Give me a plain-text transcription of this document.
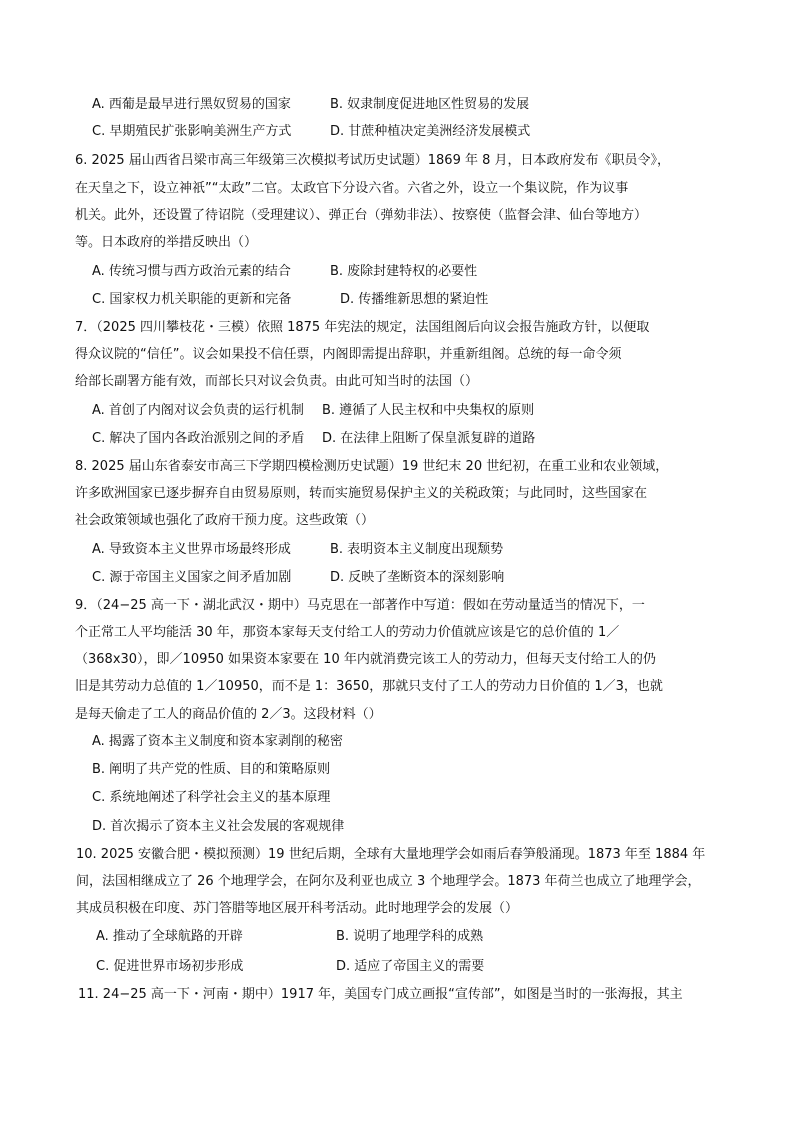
A. 西葡是最早进行黑奴贸易的国家	B. 奴隶制度促进地区性贸易的发展
C. 早期殖民扩张影响美洲生产方式	D. 甘蔗种植决定美洲经济发展模式
6. 2025 届山西省吕梁市高三年级第三次模拟考试历史试题）1869 年 8 月，日本政府发布《职员令》，
在天皇之下，设立神祇”“太政”二官。太政官下分设六省。六省之外，设立一个集议院，作为议事
机关。此外，还设置了待诏院（受理建议）、弹正台（弹劾非法）、按察使（监督会津、仙台等地方）
等。日本政府的举措反映出（）
A. 传统习惯与西方政治元素的结合	B. 废除封建特权的必要性
C. 国家权力机关职能的更新和完备	D. 传播维新思想的紧迫性
7．（2025 四川攀枝花・三模）依照 1875 年宪法的规定，法国组阁后向议会报告施政方针，以便取
得众议院的“信任”。议会如果投不信任票，内阁即需提出辞职，并重新组阁。总统的每一命令须
给部长副署方能有效，而部长只对议会负责。由此可知当时的法国（）
A. 首创了内阁对议会负责的运行机制 B. 遵循了人民主权和中央集权的原则
C. 解决了国内各政治派别之间的矛盾 D. 在法律上阻断了保皇派复辟的道路
8. 2025 届山东省泰安市高三下学期四模检测历史试题）19 世纪末 20 世纪初，在重工业和农业领域，
许多欧洲国家已逐步摒弃自由贸易原则，转而实施贸易保护主义的关税政策；与此同时，这些国家在
社会政策领域也强化了政府干预力度。这些政策（）
A. 导致资本主义世界市场最终形成	B. 表明资本主义制度出现颓势
C. 源于帝国主义国家之间矛盾加剧	D. 反映了垄断资本的深刻影响
9．（24−25 高一下・湖北武汉・期中）马克思在一部著作中写道：假如在劳动量适当的情况下，一
个正常工人平均能活 30 年，那资本家每天支付给工人的劳动力价值就应该是它的总价值的 1／
（368x30），即／10950 如果资本家要在 10 年内就消费完该工人的劳动力，但每天支付给工人的仍
旧是其劳动力总值的 1／10950，而不是 1：3650，那就只支付了工人的劳动力日价值的 1／3，也就
是每天偷走了工人的商品价值的 2／3。这段材料（）
A. 揭露了资本主义制度和资本家剥削的秘密
B. 阐明了共产党的性质、目的和策略原则
C. 系统地阐述了科学社会主义的基本原理
D. 首次揭示了资本主义社会发展的客观规律
10. 2025 安徽合肥・模拟预测）19 世纪后期，全球有大量地理学会如雨后春笋般涌现。1873 年至 1884 年
间，法国相继成立了 26 个地理学会，在阿尔及利亚也成立 3 个地理学会。1873 年荷兰也成立了地理学会，
其成员积极在印度、苏门答腊等地区展开科考活动。此时地理学会的发展（）
A. 推动了全球航路的开辟	B. 说明了地理学科的成熟
C. 促进世界市场初步形成	D. 适应了帝国主义的需要
11. 24−25 高一下・河南・期中）1917 年，美国专门成立画报“宣传部”，如图是当时的一张海报，其主
